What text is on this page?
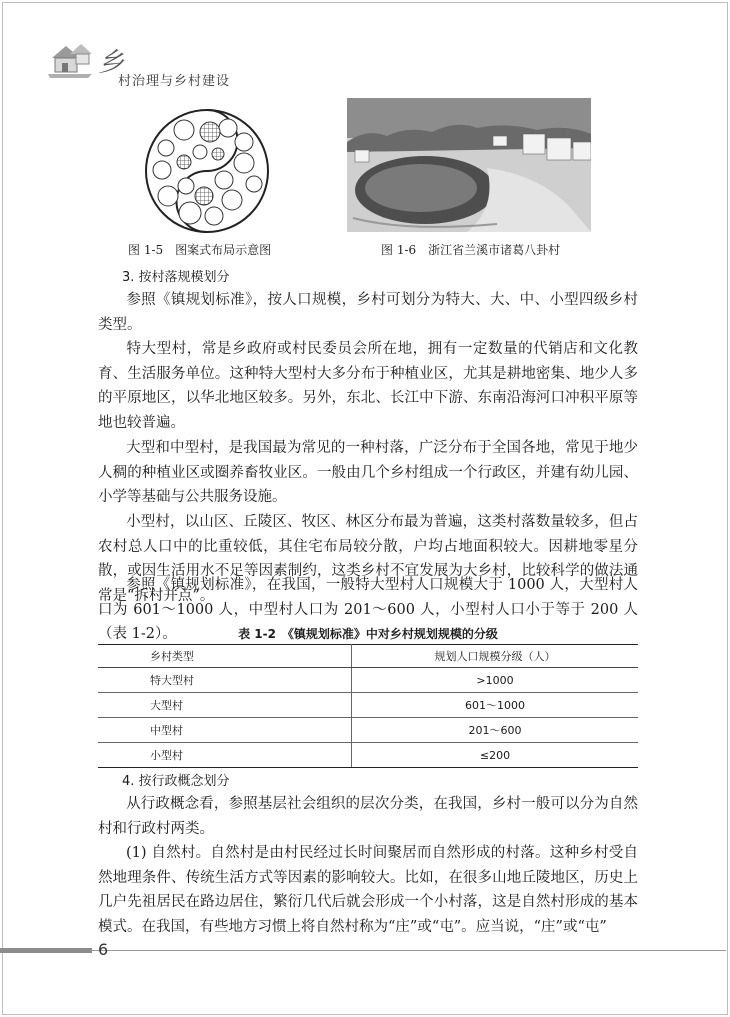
乡
村治理与乡村建设
图 1-5　图案式布局示意图	图 1-6　浙江省兰溪市诸葛八卦村
3. 按村落规模划分

参照《镇规划标准》，按人口规模，乡村可划分为特大、大、中、小型四级乡村类型。

特大型村，常是乡政府或村民委员会所在地，拥有一定数量的代销店和文化教育、生活服务单位。这种特大型村大多分布于种植业区，尤其是耕地密集、地少人多的平原地区，以华北地区较多。另外，东北、长江中下游、东南沿海河口冲积平原等地也较普遍。

大型和中型村，是我国最为常见的一种村落，广泛分布于全国各地，常见于地少人稠的种植业区或圈养畜牧业区。一般由几个乡村组成一个行政区，并建有幼儿园、小学等基础与公共服务设施。

小型村，以山区、丘陵区、牧区、林区分布最为普遍，这类村落数量较多，但占农村总人口中的比重较低，其住宅布局较分散，户均占地面积较大。因耕地零星分散，或因生活用水不足等因素制约，这类乡村不宜发展为大乡村，比较科学的做法通常是“拆村并点”。

参照《镇规划标准》，在我国，一般特大型村人口规模大于 1000 人，大型村人口为 601～1000 人，中型村人口为 201～600 人，小型村人口小于等于 200 人（表 1-2）。	表 1-2　《镇规划标准》中对乡村规划规模的分级
乡村类型	规划人口规模分级（人）
特大型村	>1000
大型村	601～1000
中型村	201～600
小型村	≤200
4. 按行政概念划分

从行政概念看，参照基层社会组织的层次分类，在我国，乡村一般可以分为自然村和行政村两类。

(1) 自然村。自然村是由村民经过长时间聚居而自然形成的村落。这种乡村受自然地理条件、传统生活方式等因素的影响较大。比如，在很多山地丘陵地区，历史上几户先祖居民在路边居住，繁衍几代后就会形成一个小村落，这是自然村形成的基本模式。在我国，有些地方习惯上将自然村称为“庄”或“屯”。应当说，“庄”或“屯”

6
